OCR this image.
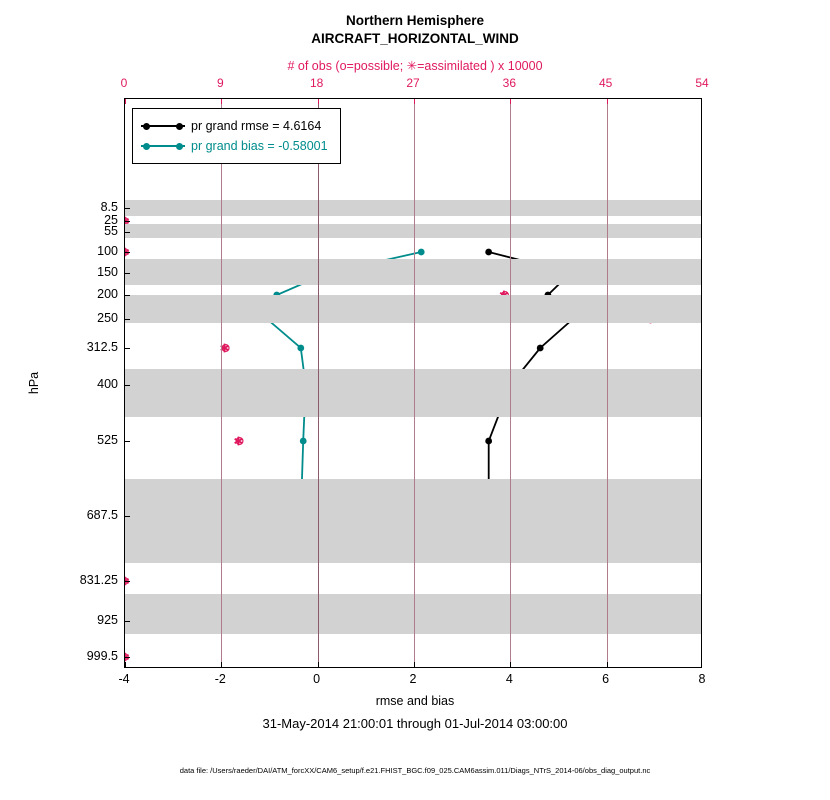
Northern Hemisphere
AIRCRAFT_HORIZONTAL_WIND
# of obs (o=possible; ✳=assimilated ) x 10000
hPa
rmse and bias
31-May-2014 21:00:01 through 01-Jul-2014 03:00:00
data file: /Users/raeder/DAI/ATM_forcXX/CAM6_setup/f.e21.FHIST_BGC.f09_025.CAM6assim.011/Diags_NTrS_2014-06/obs_diag_output.nc
pr grand rmse = 4.6164
pr grand bias = -0.58001
-4	-2	0	2	4	6	8
0	9	18	27	36	45	54
8.5
25
55
100
150
200
250
312.5
400
525
687.5
831.25
925
999.5
